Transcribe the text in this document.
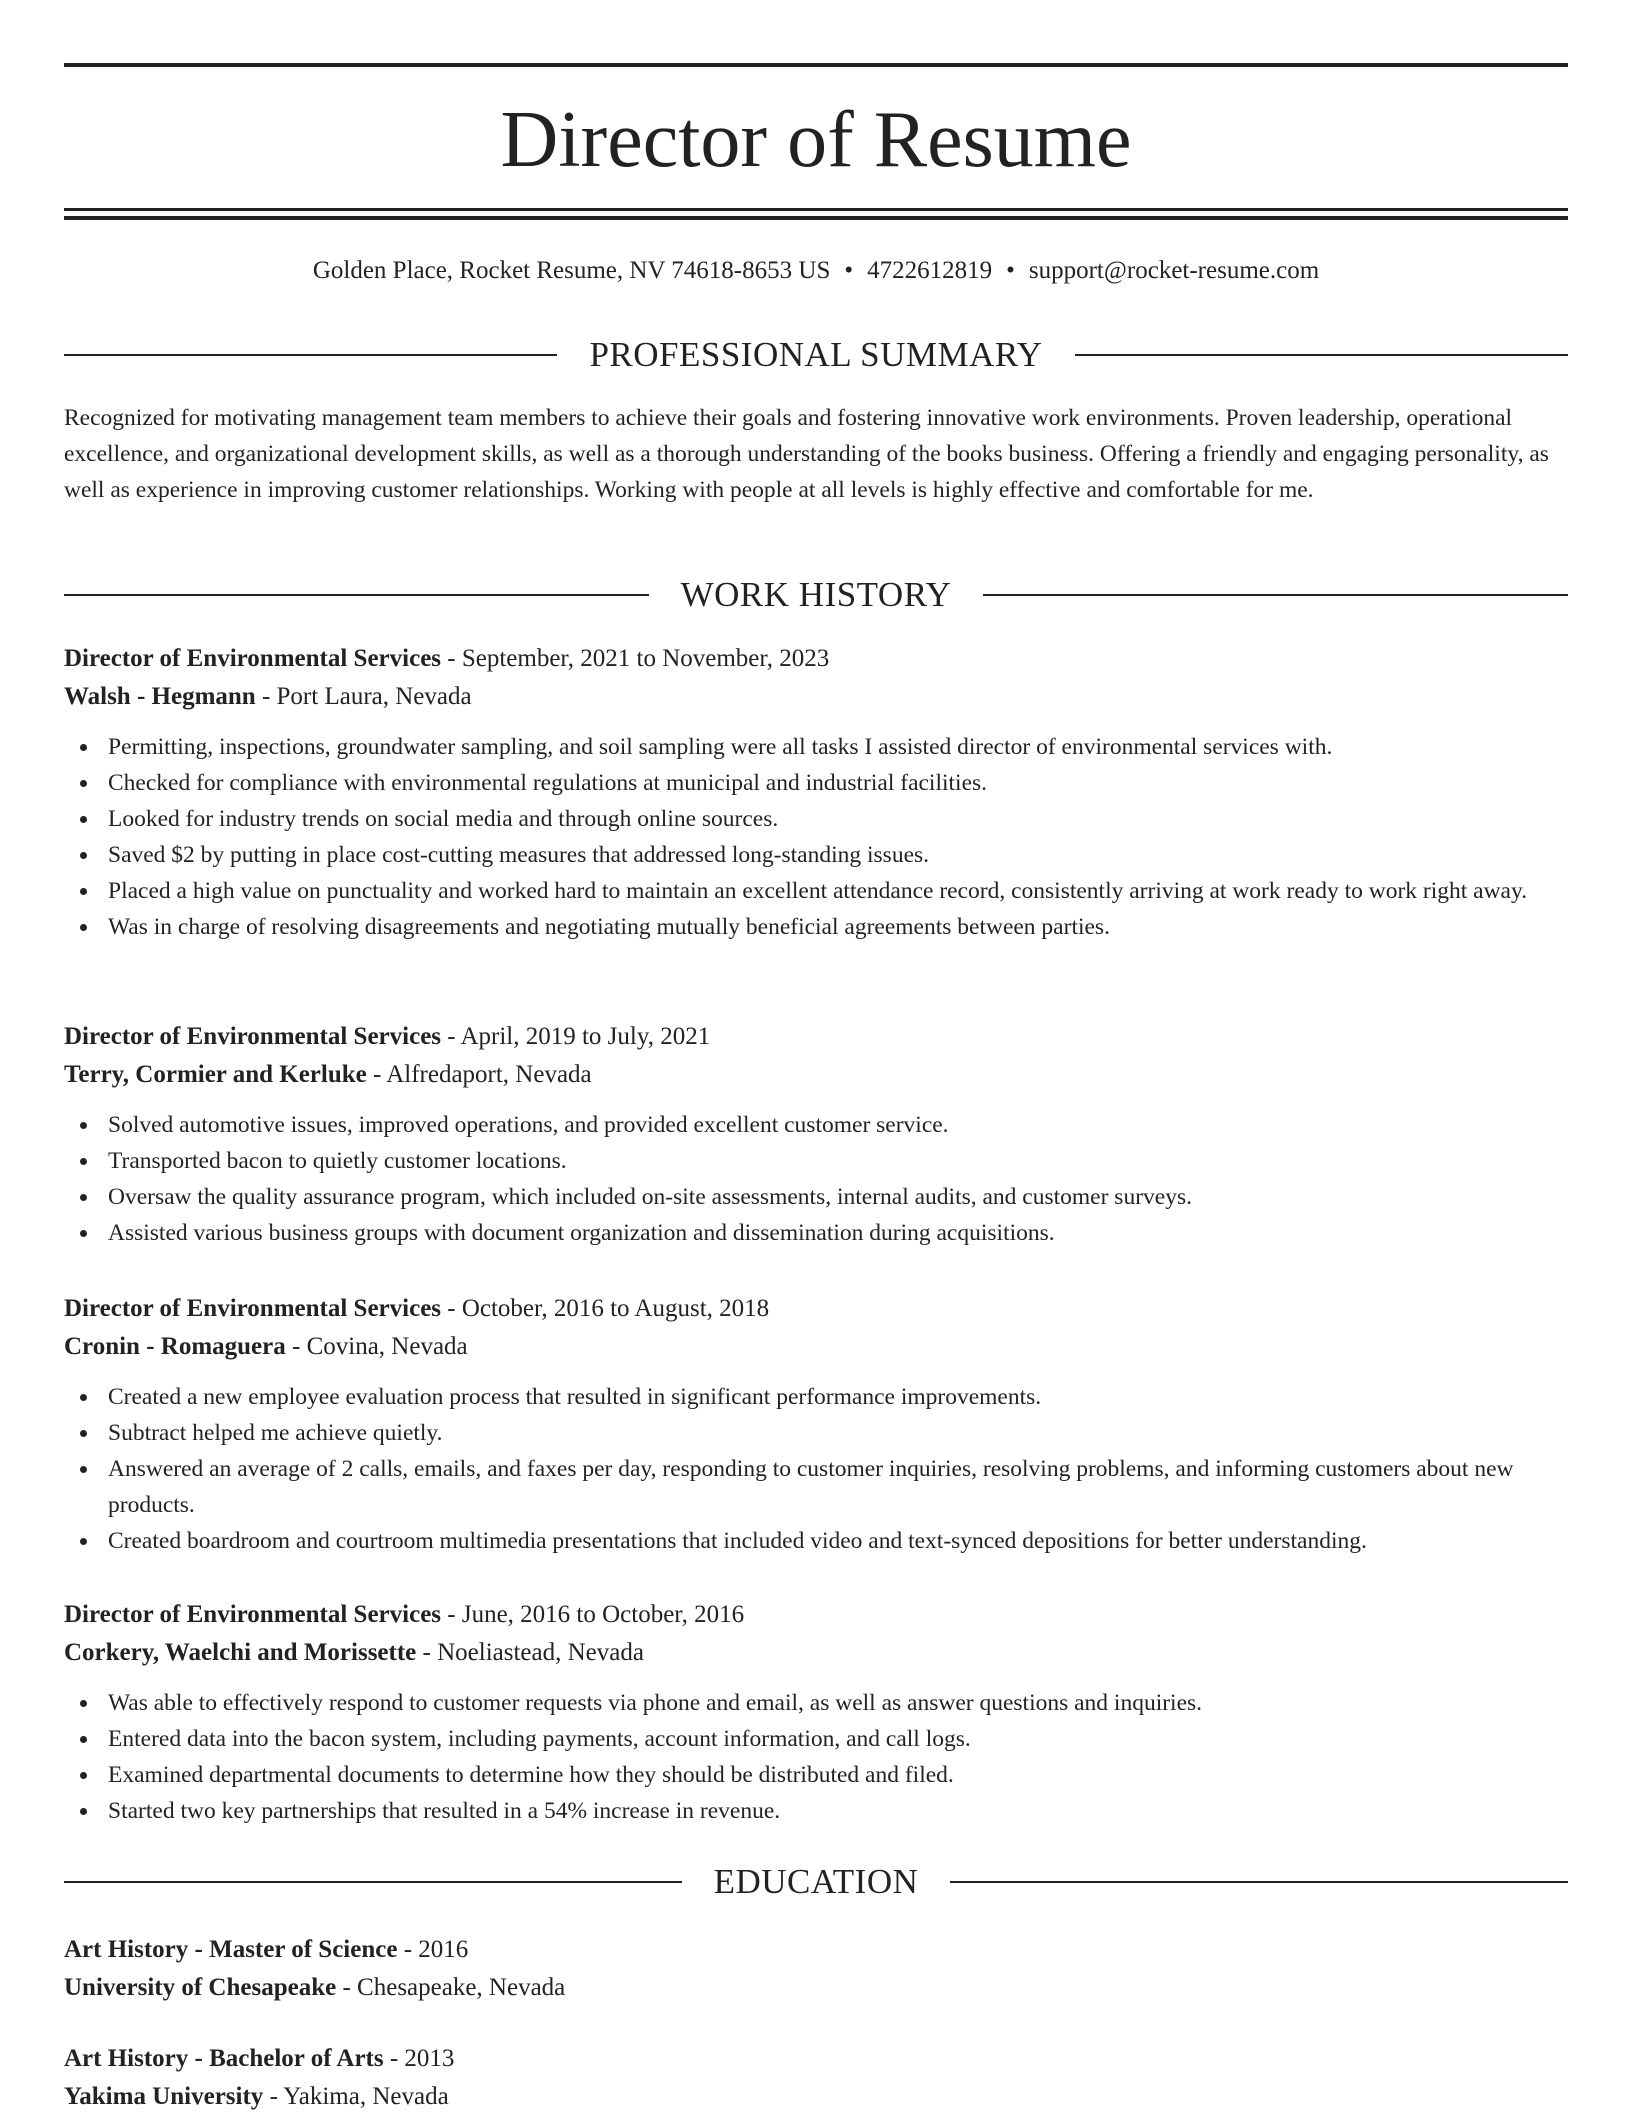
Director of Resume
Golden Place, Rocket Resume, NV 74618-8653 US • 4722612819 • support@rocket-resume.com
PROFESSIONAL SUMMARY

Recognized for motivating management team members to achieve their goals and fostering innovative work environments. Proven leadership, operational excellence, and organizational development skills, as well as a thorough understanding of the books business. Offering a friendly and engaging personality, as well as experience in improving customer relationships. Working with people at all levels is highly effective and comfortable for me.

WORK HISTORY
Director of Environmental Services - September, 2021 to November, 2023
Walsh - Hegmann - Port Laura, Nevada
Permitting, inspections, groundwater sampling, and soil sampling were all tasks I assisted director of environmental services with.
Checked for compliance with environmental regulations at municipal and industrial facilities.
Looked for industry trends on social media and through online sources.
Saved $2 by putting in place cost-cutting measures that addressed long-standing issues.
Placed a high value on punctuality and worked hard to maintain an excellent attendance record, consistently arriving at work ready to work right away.
Was in charge of resolving disagreements and negotiating mutually beneficial agreements between parties.
Director of Environmental Services - April, 2019 to July, 2021
Terry, Cormier and Kerluke - Alfredaport, Nevada
Solved automotive issues, improved operations, and provided excellent customer service.
Transported bacon to quietly customer locations.
Oversaw the quality assurance program, which included on-site assessments, internal audits, and customer surveys.
Assisted various business groups with document organization and dissemination during acquisitions.
Director of Environmental Services - October, 2016 to August, 2018
Cronin - Romaguera - Covina, Nevada
Created a new employee evaluation process that resulted in significant performance improvements.
Subtract helped me achieve quietly.
Answered an average of 2 calls, emails, and faxes per day, responding to customer inquiries, resolving problems, and informing customers about new products.
Created boardroom and courtroom multimedia presentations that included video and text-synced depositions for better understanding.
Director of Environmental Services - June, 2016 to October, 2016
Corkery, Waelchi and Morissette - Noeliastead, Nevada
Was able to effectively respond to customer requests via phone and email, as well as answer questions and inquiries.
Entered data into the bacon system, including payments, account information, and call logs.
Examined departmental documents to determine how they should be distributed and filed.
Started two key partnerships that resulted in a 54% increase in revenue.
EDUCATION
Art History - Master of Science - 2016
University of Chesapeake - Chesapeake, Nevada
Art History - Bachelor of Arts - 2013
Yakima University - Yakima, Nevada
